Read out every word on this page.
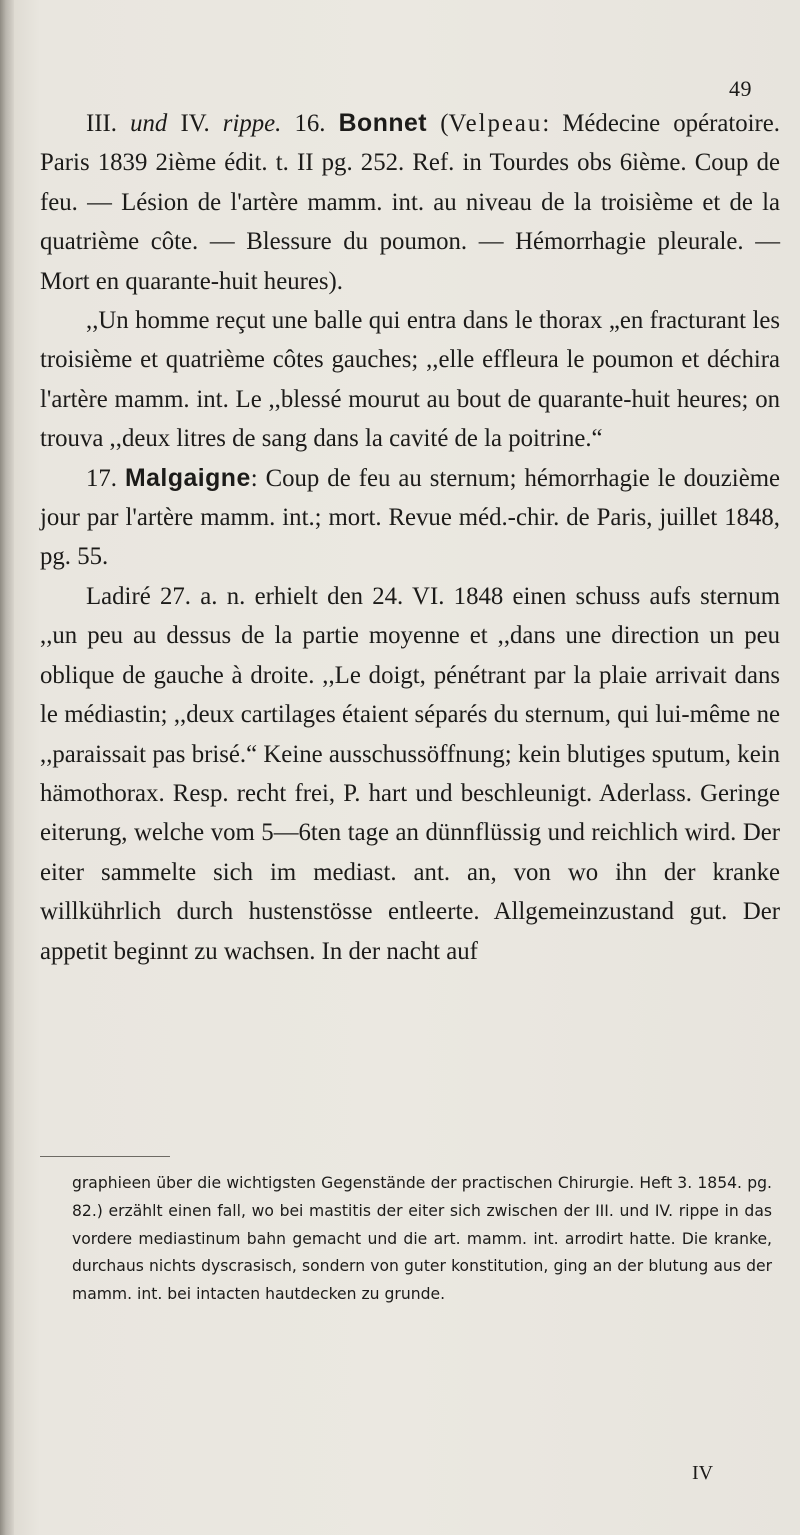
49

III. und IV. rippe. 16. Bonnet (Velpeau: Médecine opératoire. Paris 1839 2ième édit. t. II pg. 252. Ref. in Tourdes obs 6ième. Coup de feu. — Lésion de l'artère mamm. int. au niveau de la troisième et de la quatrième côte. — Blessure du poumon. — Hémorrhagie pleurale. — Mort en quarante-huit heures).

,,Un homme reçut une balle qui entra dans le thorax „en fracturant les troisième et quatrième côtes gauches; ,,elle effleura le poumon et déchira l'artère mamm. int. Le ,,blessé mourut au bout de quarante-huit heures; on trouva ,,deux litres de sang dans la cavité de la poitrine.“

17. Malgaigne: Coup de feu au sternum; hémorrhagie le douzième jour par l'artère mamm. int.; mort. Revue méd.-chir. de Paris, juillet 1848, pg. 55.

Ladiré 27. a. n. erhielt den 24. VI. 1848 einen schuss aufs sternum ,,un peu au dessus de la partie moyenne et ,,dans une direction un peu oblique de gauche à droite. ,,Le doigt, pénétrant par la plaie arrivait dans le médiastin; ,,deux cartilages étaient séparés du sternum, qui lui-même ne ,,paraissait pas brisé.“ Keine ausschussöffnung; kein blutiges sputum, kein hämothorax. Resp. recht frei, P. hart und beschleunigt. Aderlass. Geringe eiterung, welche vom 5—6ten tage an dünnflüssig und reichlich wird. Der eiter sammelte sich im mediast. ant. an, von wo ihn der kranke willkührlich durch hustenstösse entleerte. Allgemeinzustand gut. Der appetit beginnt zu wachsen. In der nacht auf

graphieen über die wichtigsten Gegenstände der practischen Chirurgie. Heft 3. 1854. pg. 82.) erzählt einen fall, wo bei mastitis der eiter sich zwischen der III. und IV. rippe in das vordere mediastinum bahn gemacht und die art. mamm. int. arrodirt hatte. Die kranke, durchaus nichts dyscrasisch, sondern von guter konstitution, ging an der blutung aus der mamm. int. bei intacten hautdecken zu grunde.

IV
